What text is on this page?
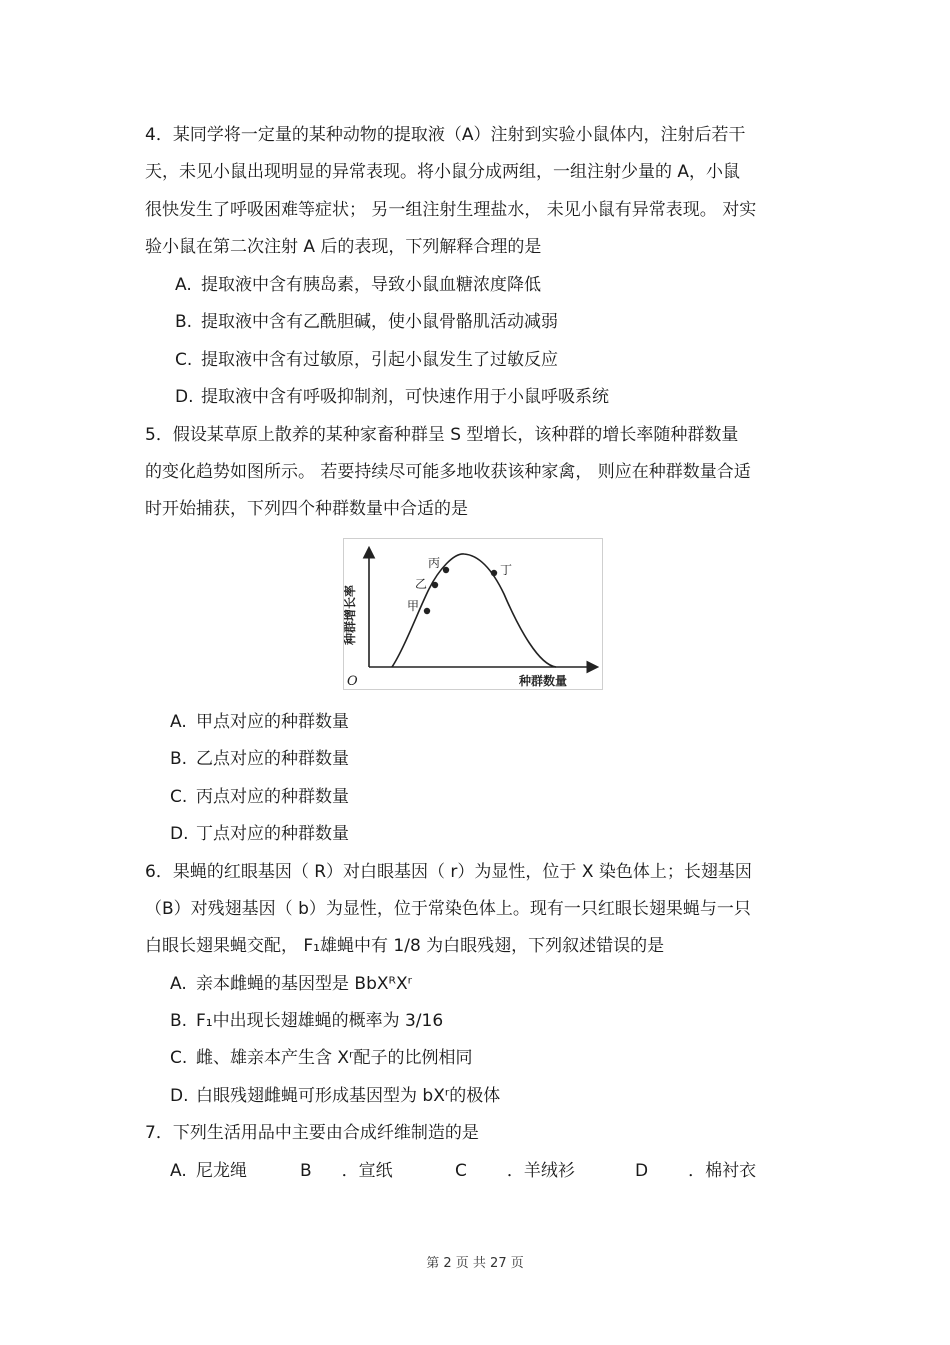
4．某同学将一定量的某种动物的提取液（A）注射到实验小鼠体内，注射后若干
天，未见小鼠出现明显的异常表现。将小鼠分成两组，一组注射少量的 A，小鼠
很快发生了呼吸困难等症状； 另一组注射生理盐水， 未见小鼠有异常表现。 对实
验小鼠在第二次注射 A 后的表现，下列解释合理的是
A. 提取液中含有胰岛素，导致小鼠血糖浓度降低
B. 提取液中含有乙酰胆碱，使小鼠骨骼肌活动减弱
C. 提取液中含有过敏原，引起小鼠发生了过敏反应
D. 提取液中含有呼吸抑制剂，可快速作用于小鼠呼吸系统
5．假设某草原上散养的某种家畜种群呈 S 型增长，该种群的增长率随种群数量
的变化趋势如图所示。 若要持续尽可能多地收获该种家禽， 则应在种群数量合适
时开始捕获，下列四个种群数量中合适的是
甲
乙
丙	丁
O	种群数量
种群增长率
A. 甲点对应的种群数量
B. 乙点对应的种群数量
C. 丙点对应的种群数量
D. 丁点对应的种群数量
6．果蝇的红眼基因（ R）对白眼基因（ r）为显性，位于 X 染色体上；长翅基因
（B）对残翅基因（ b）为显性，位于常染色体上。现有一只红眼长翅果蝇与一只
白眼长翅果蝇交配， F₁雄蝇中有 1/8 为白眼残翅，下列叙述错误的是
A. 亲本雌蝇的基因型是 BbXᴿXʳ
B. F₁中出现长翅雄蝇的概率为 3/16
C. 雌、雄亲本产生含 Xʳ配子的比例相同
D. 白眼残翅雌蝇可形成基因型为 bXʳ的极体
7．下列生活用品中主要由合成纤维制造的是
A. 尼龙绳	B ．宣纸	C ．羊绒衫	D ．棉衬衣
第 2 页 共 27 页
